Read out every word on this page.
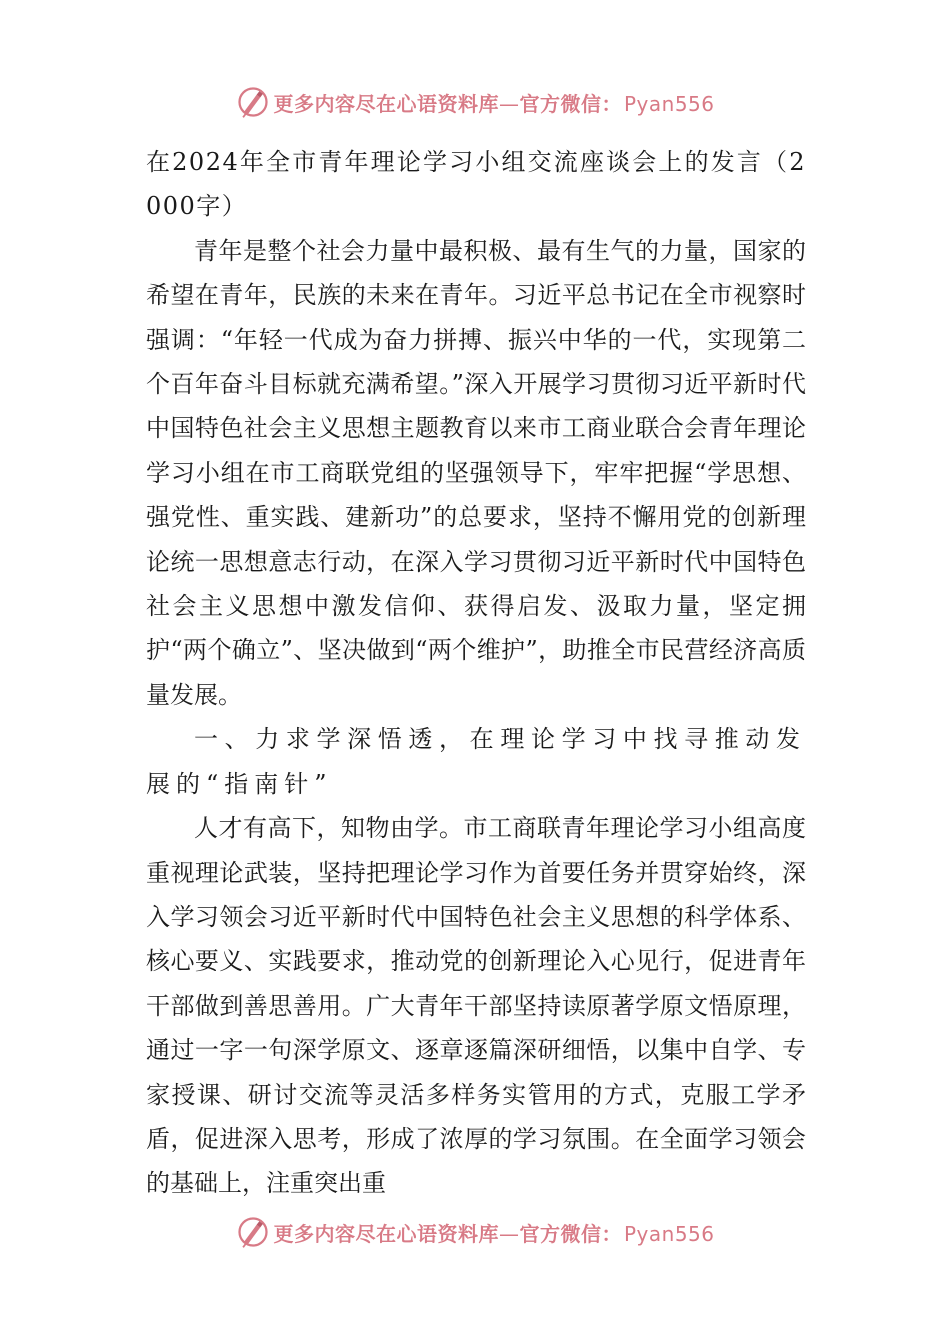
更多内容尽在心语资料库—官方微信： Pyan556

在2024年全市青年理论学习小组交流座谈会上的发言（2000字）

青年是整个社会力量中最积极、最有生气的力量，国家的希望在青年，民族的未来在青年。习近平总书记在全市视察时强调：“年轻一代成为奋力拼搏、振兴中华的一代，实现第二个百年奋斗目标就充满希望。”深入开展学习贯彻习近平新时代中国特色社会主义思想主题教育以来市工商业联合会青年理论学习小组在市工商联党组的坚强领导下，牢牢把握“学思想、强党性、重实践、建新功”的总要求，坚持不懈用党的创新理论统一思想意志行动，在深入学习贯彻习近平新时代中国特色社会主义思想中激发信仰、获得启发、汲取力量，坚定拥护“两个确立”、坚决做到“两个维护”，助推全市民营经济高质量发展。

一、力求学深悟透，在理论学习中找寻推动发展的“指南针”

人才有高下，知物由学。市工商联青年理论学习小组高度重视理论武装，坚持把理论学习作为首要任务并贯穿始终，深入学习领会习近平新时代中国特色社会主义思想的科学体系、核心要义、实践要求，推动党的创新理论入心见行，促进青年干部做到善思善用。广大青年干部坚持读原著学原文悟原理，通过一字一句深学原文、逐章逐篇深研细悟，以集中自学、专家授课、研讨交流等灵活多样务实管用的方式，克服工学矛盾，促进深入思考，形成了浓厚的学习氛围。在全面学习领会的基础上，注重突出重

更多内容尽在心语资料库—官方微信： Pyan556
